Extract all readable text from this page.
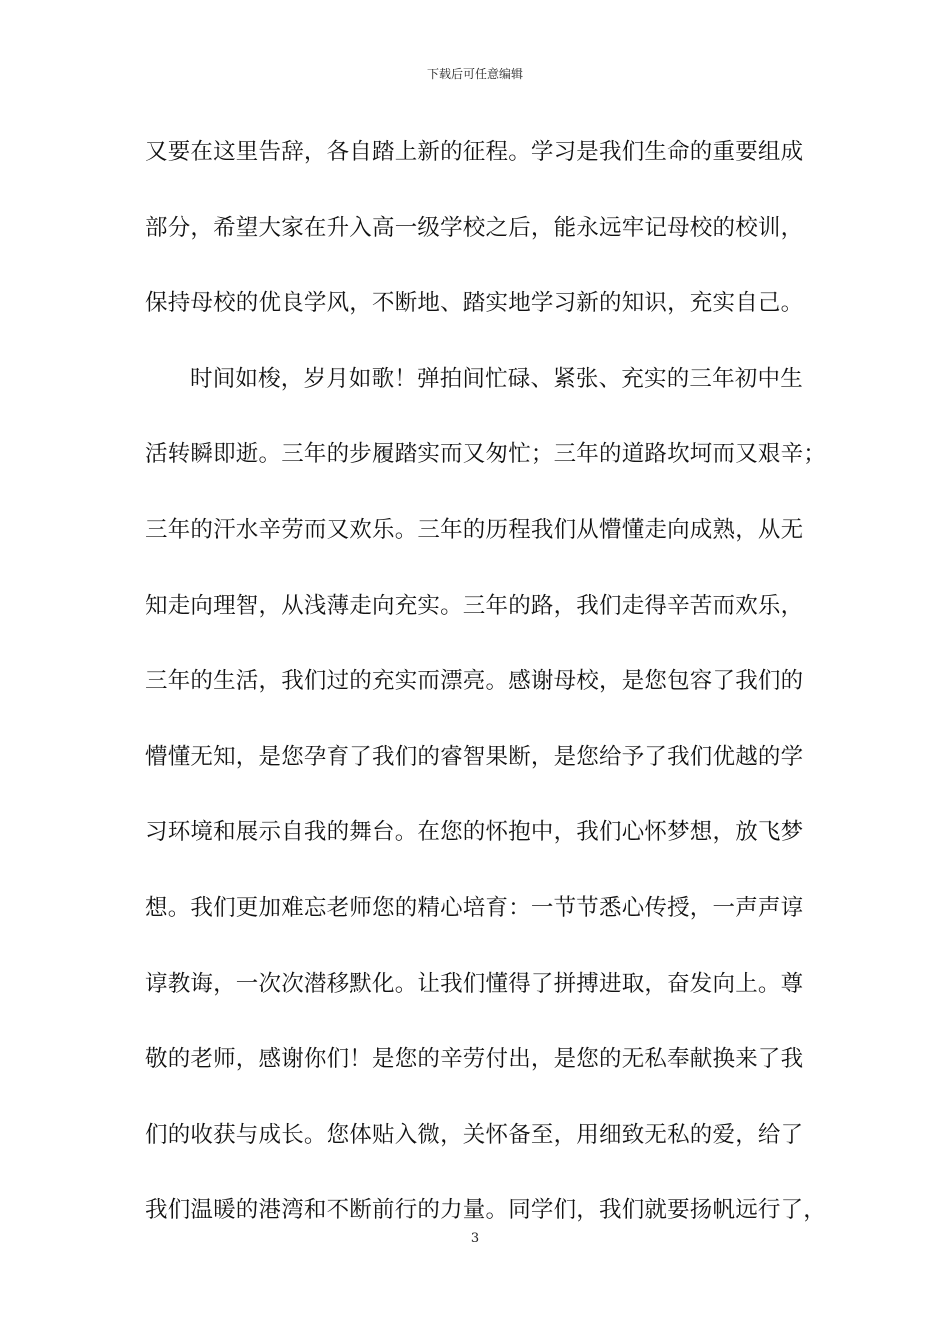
下载后可任意编辑
又要在这里告辞，各自踏上新的征程。学习是我们生命的重要组成
部分，希望大家在升入高一级学校之后，能永远牢记母校的校训，
保持母校的优良学风，不断地、踏实地学习新的知识，充实自己。
时间如梭，岁月如歌！弹拍间忙碌、紧张、充实的三年初中生
活转瞬即逝。三年的步履踏实而又匆忙；三年的道路坎坷而又艰辛；
三年的汗水辛劳而又欢乐。三年的历程我们从懵懂走向成熟，从无
知走向理智，从浅薄走向充实。三年的路，我们走得辛苦而欢乐，
三年的生活，我们过的充实而漂亮。感谢母校，是您包容了我们的
懵懂无知，是您孕育了我们的睿智果断，是您给予了我们优越的学
习环境和展示自我的舞台。在您的怀抱中，我们心怀梦想，放飞梦
想。我们更加难忘老师您的精心培育：一节节悉心传授，一声声谆
谆教诲，一次次潜移默化。让我们懂得了拼搏进取，奋发向上。尊
敬的老师，感谢你们！是您的辛劳付出，是您的无私奉献换来了我
们的收获与成长。您体贴入微，关怀备至，用细致无私的爱，给了
我们温暖的港湾和不断前行的力量。同学们，我们就要扬帆远行了，
3
